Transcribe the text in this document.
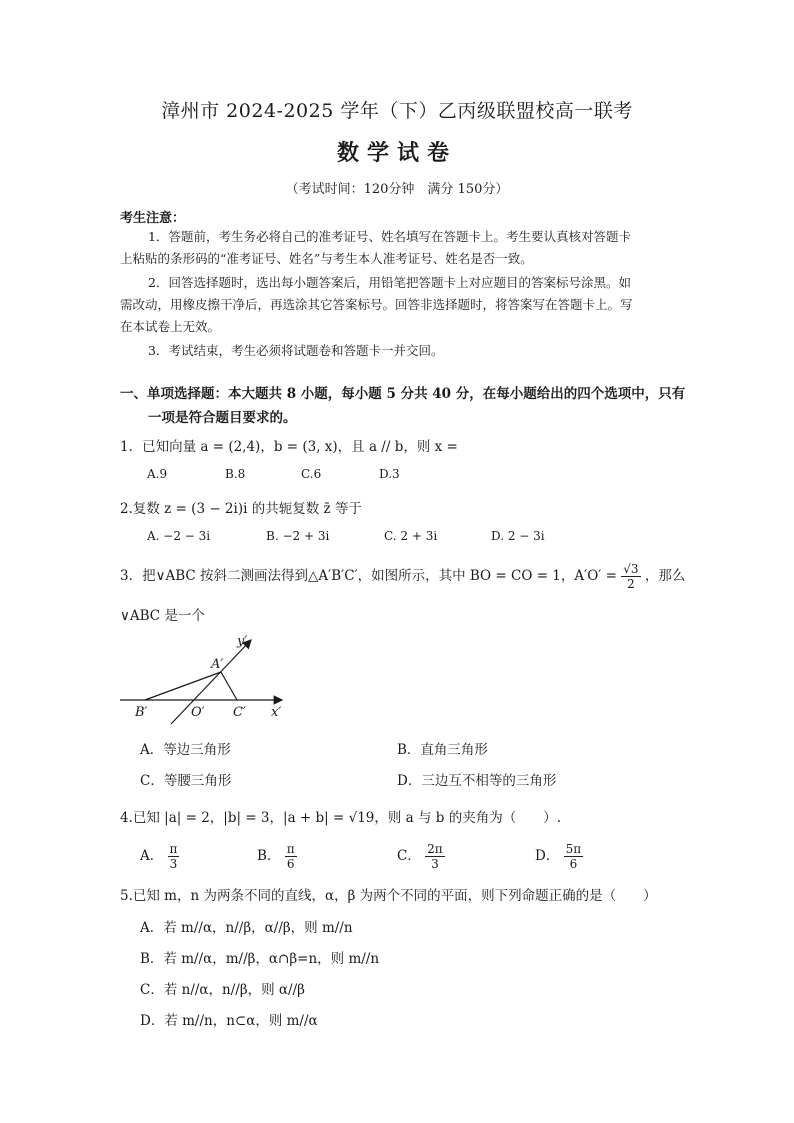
漳州市 2024-2025 学年（下）乙丙级联盟校高一联考
数学试卷
（考试时间：120分钟　满分 150分）
考生注意：
1．答题前，考生务必将自己的准考证号、姓名填写在答题卡上。考生要认真核对答题卡
上粘贴的条形码的“准考证号、姓名”与考生本人准考证号、姓名是否一致。
2．回答选择题时，选出每小题答案后，用铅笔把答题卡上对应题目的答案标号涂黑。如
需改动，用橡皮擦干净后，再选涂其它答案标号。回答非选择题时，将答案写在答题卡上。写
在本试卷上无效。
3．考试结束，考生必须将试题卷和答题卡一并交回。
一、单项选择题：本大题共 8 小题，每小题 5 分共 40 分，在每小题给出的四个选项中，只有
一项是符合题目要求的。
1．已知向量 a = (2,4)，b = (3, x)，且 a // b，则 x =
A.9	B.8	C.6	D.3
2.复数 z = (3 − 2i)i 的共轭复数 z̄ 等于
A. −2 − 3i	B. −2 + 3i	C. 2 + 3i	D. 2 − 3i
3．把∨ABC 按斜二测画法得到△A′B′C′，如图所示，其中 BO = CO = 1，$A'O' = \frac{√3}{2}$ ，那么
∨ABC 是一个
y′
A′
B′	O′ C′ x′
A．等边三角形	B．直角三角形
C．等腰三角形	D．三边互不相等的三角形
4.已知 |a| = 2，|b| = 3，|a + b| = √19，则 a 与 b 的夹角为（　　）.
A． $\frac{\pi}{3}$	B． $\frac{\pi}{6}$	C． $\frac{2\pi}{3}$	D． $\frac{5\pi}{6}$
5.已知 m，n 为两条不同的直线，α，β 为两个不同的平面，则下列命题正确的是（　　）
A．若 m//α，n//β，α//β，则 m//n
B．若 m//α，m//β，α∩β=n，则 m//n
C．若 n//α，n//β，则 α//β
D．若 m//n，n⊂α，则 m//α
